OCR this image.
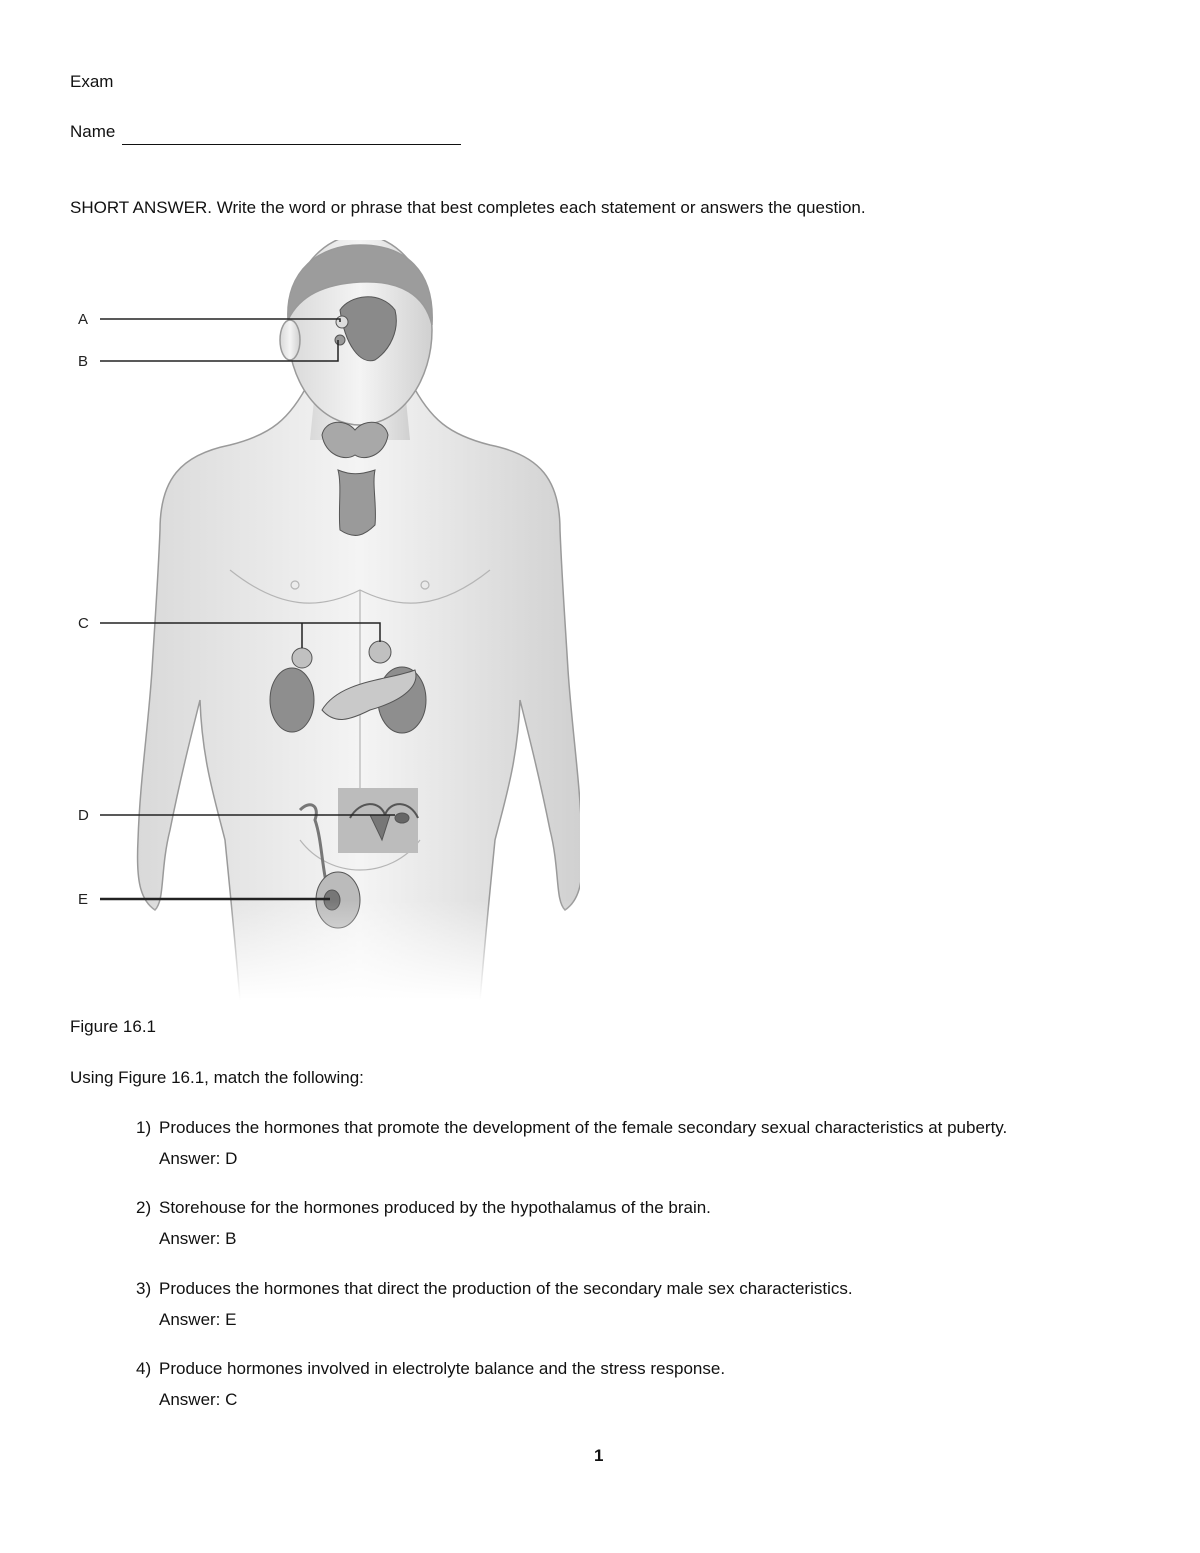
Exam
Name
SHORT ANSWER. Write the word or phrase that best completes each statement or answers the question.
A
B
C
D
E
Figure 16.1
Using Figure 16.1, match the following:
1) Produces the hormones that promote the development of the female secondary sexual characteristics at puberty.
Answer: D
2) Storehouse for the hormones produced by the hypothalamus of the brain.
Answer: B
3) Produces the hormones that direct the production of the secondary male sex characteristics.
Answer: E
4) Produce hormones involved in electrolyte balance and the stress response.
Answer: C
1
